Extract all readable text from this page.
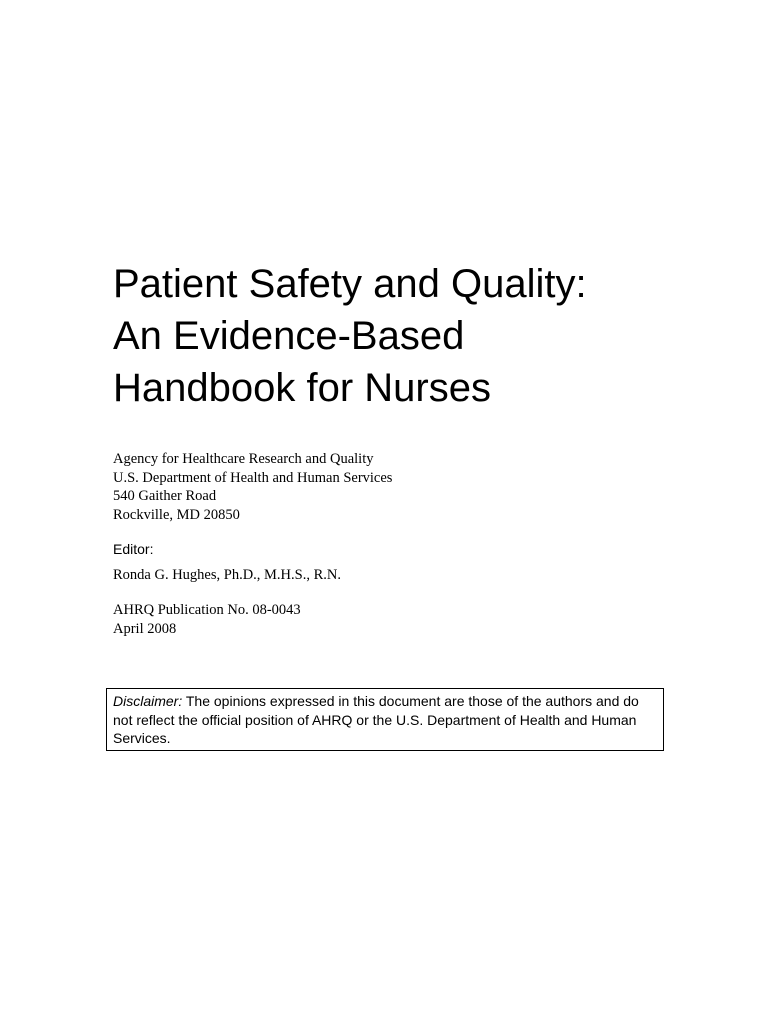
Patient Safety and Quality:
An Evidence-Based
Handbook for Nurses
Agency for Healthcare Research and Quality
U.S. Department of Health and Human Services
540 Gaither Road
Rockville, MD 20850
Editor:
Ronda G. Hughes, Ph.D., M.H.S., R.N.
AHRQ Publication No. 08-0043
April 2008
Disclaimer: The opinions expressed in this document are those of the authors and do not reflect the official position of AHRQ or the U.S. Department of Health and Human Services.
